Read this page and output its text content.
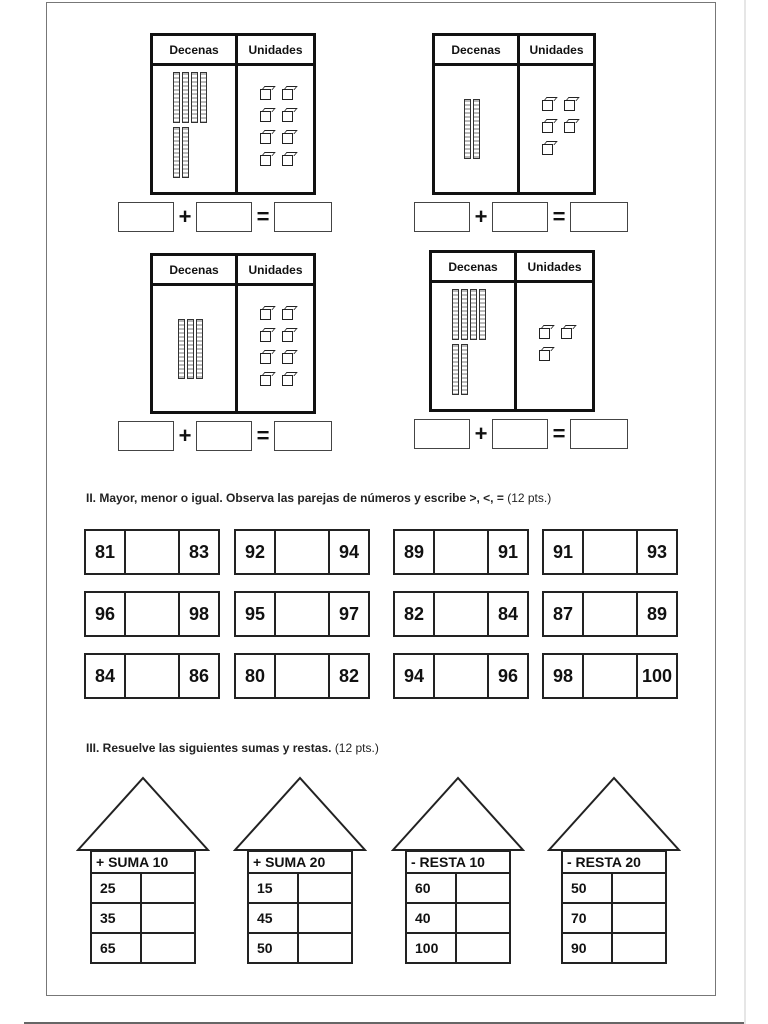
Decenas	Unidades
+	=
Decenas	Unidades
+	=
Decenas	Unidades
+	=
Decenas	Unidades
+	=
II. Mayor, menor o igual. Observa las parejas de números y escribe >, <, = (12 pts.)
81	83	92	94	89	91	91	93
96	98	95	97	82	84	87	89
84	86	80	82	94	96	98	100
III. Resuelve las siguientes sumas y restas. (12 pts.)
+ SUMA 10
25
35
65
+ SUMA 20
15
45
50
- RESTA 10
60
40
100
- RESTA 20
50
70
90
